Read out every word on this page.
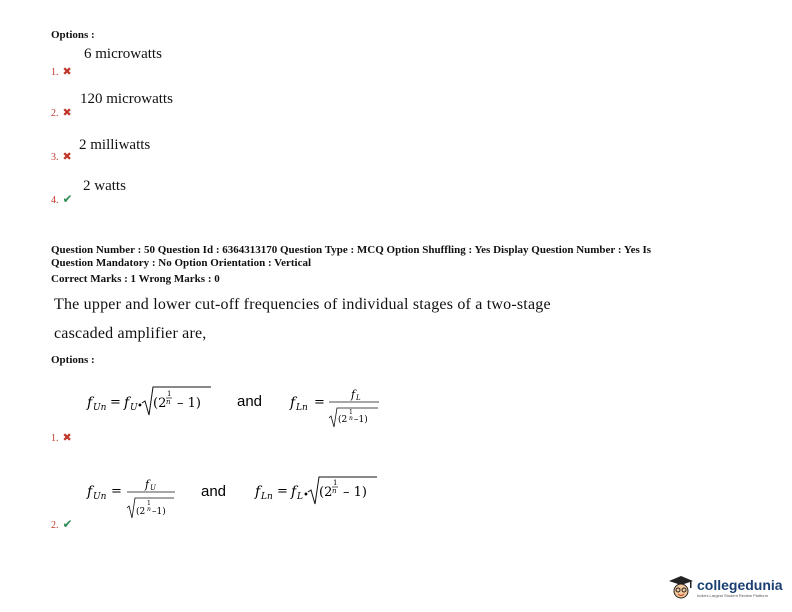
Options :
6 microwatts
1. ✖
120 microwatts
2. ✖
2 milliwatts
3. ✖
2 watts
4. ✔
Question Number : 50 Question Id : 6364313170 Question Type : MCQ Option Shuffling : Yes Display Question Number : Yes Is
Question Mandatory : No Option Orientation : Vertical
Correct Marks : 1 Wrong Marks : 0
The upper and lower cut-off frequencies of individual stages of a two-stage
cascaded amplifier are,
Options :
f Un = f U • (2
1
n – 1) and f Ln =
f L
(2
1
n –1)
1. ✖
f Un = f U
(2
1
n –1)
and f Ln = f L • (2
1
n – 1)
2. ✔
collegedunia
India's Largest Student Review Platform
